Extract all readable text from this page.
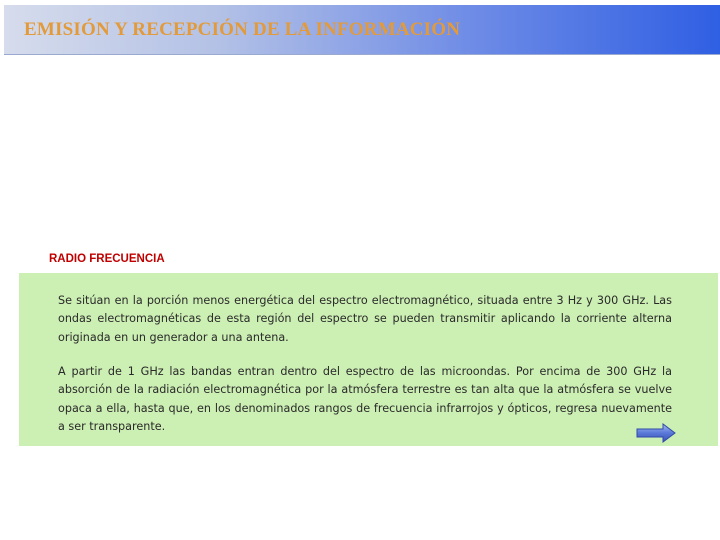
EMISIÓN Y RECEPCIÓN DE LA INFORMACIÓN
RADIO FRECUENCIA

Se sitúan en la porción menos energética del espectro electromagnético, situada entre 3 Hz y 300 GHz. Las ondas electromagnéticas de esta región del espectro se pueden transmitir aplicando la corriente alterna originada en un generador a una antena.

A partir de 1 GHz las bandas entran dentro del espectro de las microondas. Por encima de 300 GHz la absorción de la radiación electromagnética por la atmósfera terrestre es tan alta que la atmósfera se vuelve opaca a ella, hasta que, en los denominados rangos de frecuencia infrarrojos y ópticos, regresa nuevamente a ser transparente.
